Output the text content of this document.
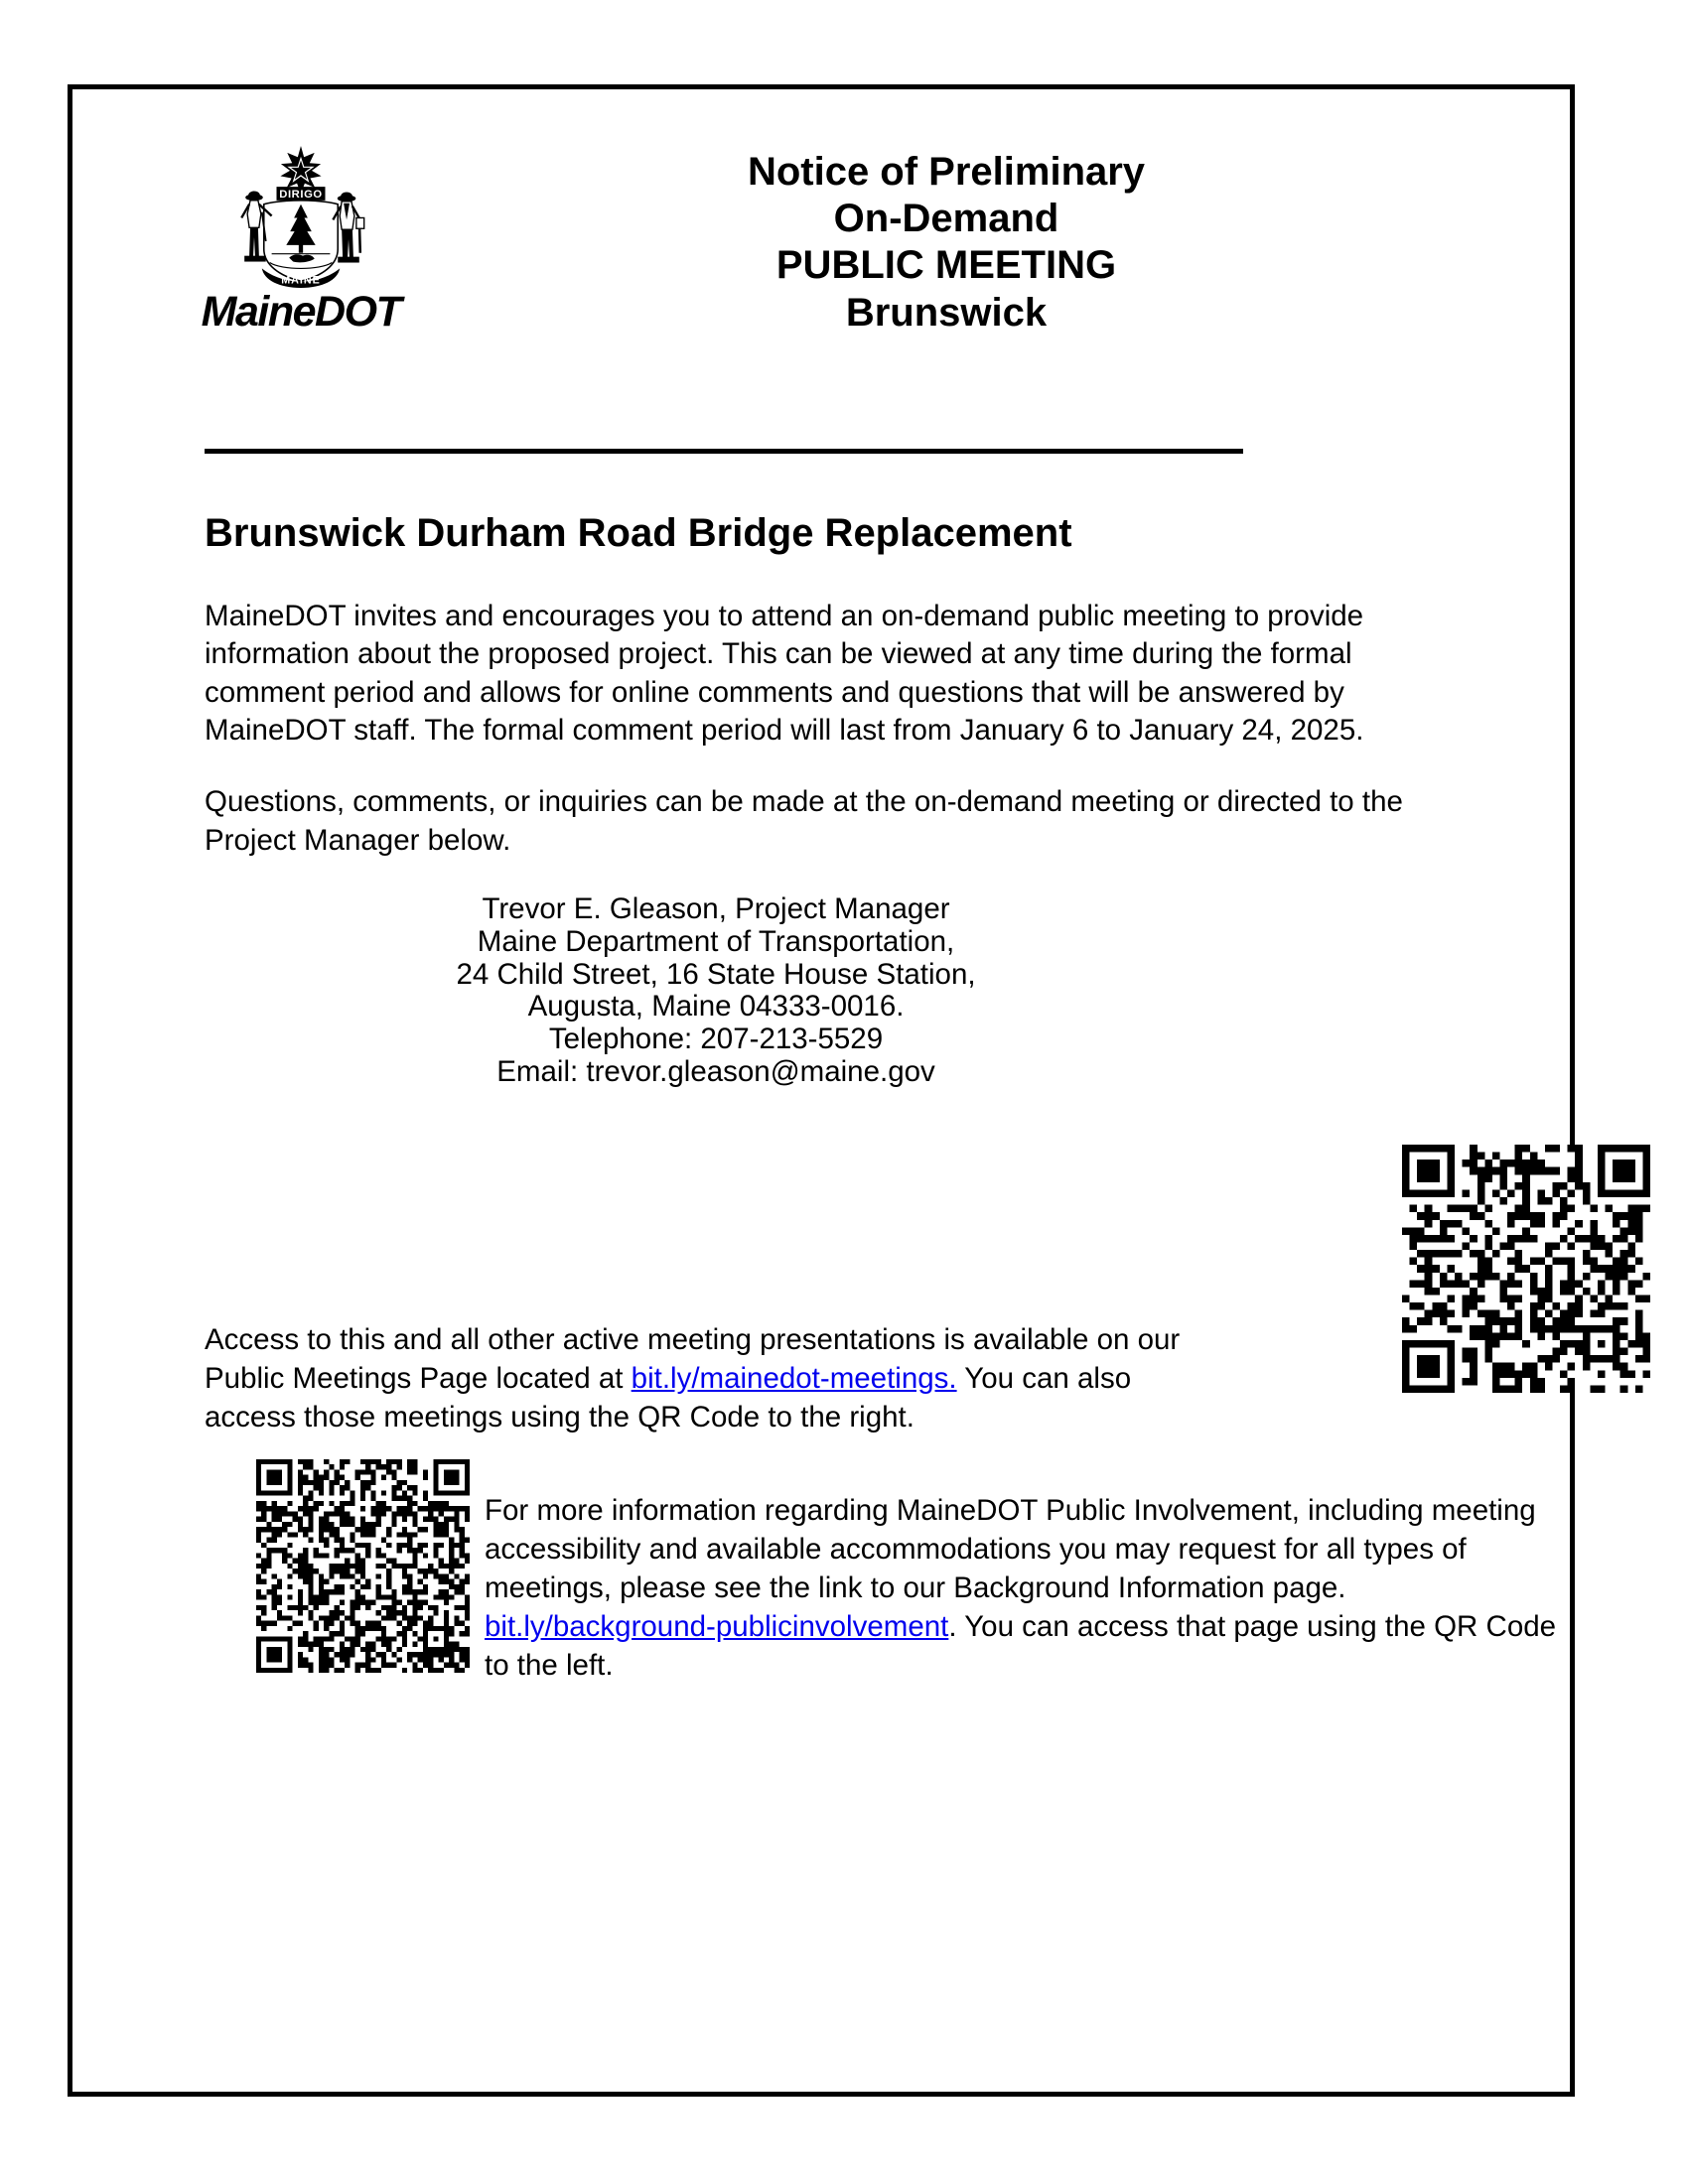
DIRIGO
MAINE
MaineDOT
Notice of Preliminary
On-Demand
PUBLIC MEETING
Brunswick
Brunswick Durham Road Bridge Replacement

MaineDOT invites and encourages you to attend an on-demand public meeting to provide information about the proposed project. This can be viewed at any time during the formal comment period and allows for online comments and questions that will be answered by MaineDOT staff. The formal comment period will last from January 6 to January 24, 2025.

Questions, comments, or inquiries can be made at the on-demand meeting or directed to the Project Manager below.

Trevor E. Gleason, Project Manager
Maine Department of Transportation,
24 Child Street, 16 State House Station,
Augusta, Maine 04333-0016.
Telephone: 207-213-5529
Email: trevor.gleason@maine.gov

Access to this and all other active meeting presentations is available on our Public Meetings Page located at bit.ly/mainedot-meetings. You can also access those meetings using the QR Code to the right.

For more information regarding MaineDOT Public Involvement, including meeting accessibility and available accommodations you may request for all types of meetings, please see the link to our Background Information page. bit.ly/background-publicinvolvement. You can access that page using the QR Code to the left.
